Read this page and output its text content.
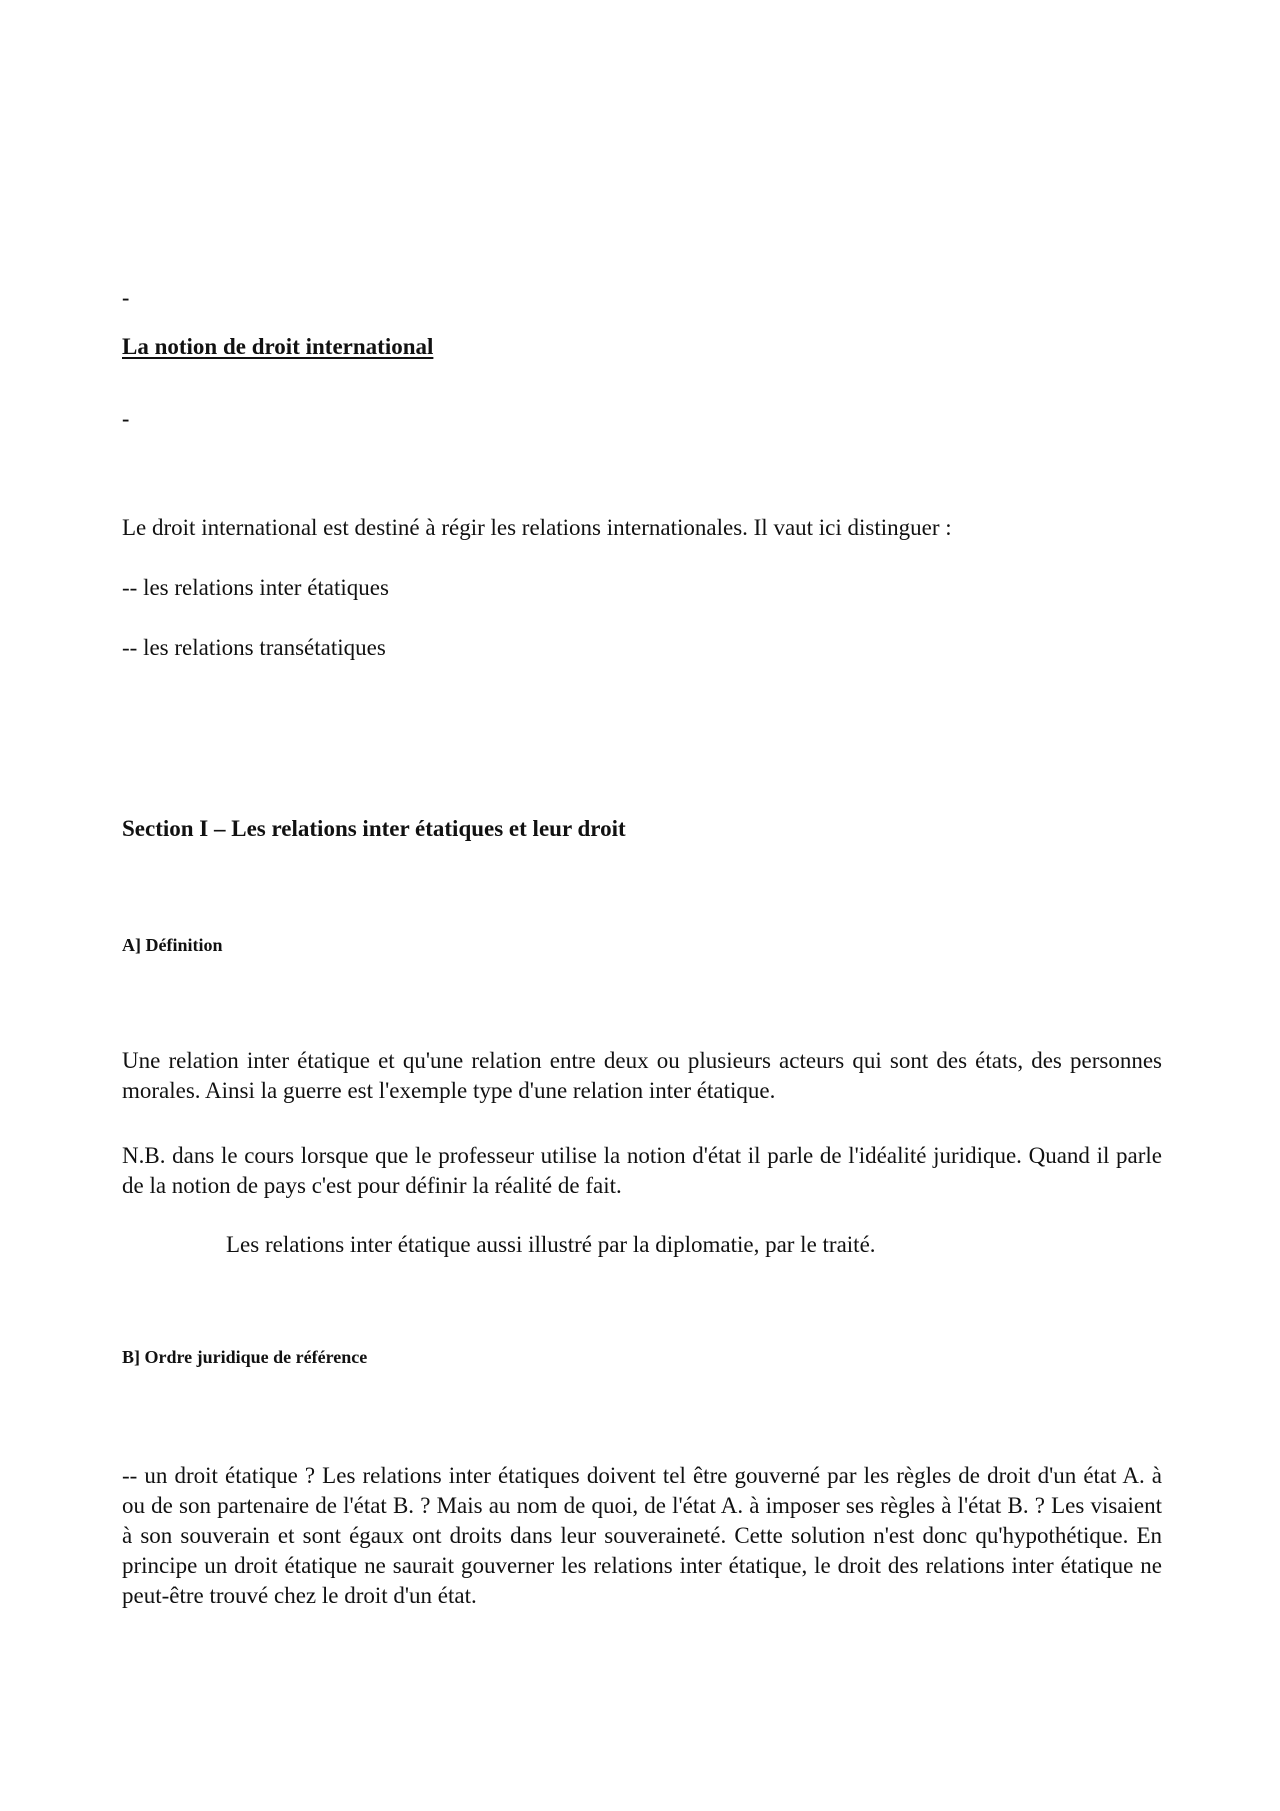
-

La notion de droit international

-

Le droit international est destiné à régir les relations internationales. Il vaut ici distinguer :

-- les relations inter étatiques

-- les relations transétatiques

Section I – Les relations inter étatiques et leur droit
A] Définition

Une relation inter étatique et qu'une relation entre deux ou plusieurs acteurs qui sont des états, des personnes morales. Ainsi la guerre est l'exemple type d'une relation inter étatique.

N.B. dans le cours lorsque que le professeur utilise la notion d'état il parle de l'idéalité juridique. Quand il parle de la notion de pays c'est pour définir la réalité de fait.

Les relations inter étatique aussi illustré par la diplomatie, par le traité.

B] Ordre juridique de référence

-- un droit étatique ? Les relations inter étatiques doivent tel être gouverné par les règles de droit d'un état A. à ou de son partenaire de l'état B. ? Mais au nom de quoi, de l'état A. à imposer ses règles à l'état B. ? Les visaient à son souverain et sont égaux ont droits dans leur souveraineté. Cette solution n'est donc qu'hypothétique. En principe un droit étatique ne saurait gouverner les relations inter étatique, le droit des relations inter étatique ne peut-être trouvé chez le droit d'un état.
